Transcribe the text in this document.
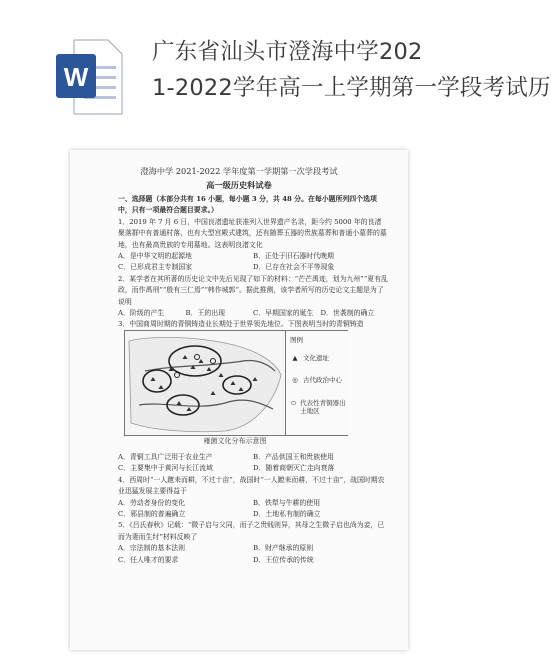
W
广东省汕头市澄海中学202
1-2022学年高一上学期第一学段考试历
澄海中学 2021-2022 学年度第一学期第一次学段考试
高一级历史科试卷

一、选择题（本部分共有 16 小题，每小题 3 分，共 48 分。在每小题所列四个选项中，只有一项最符合题目要求。）

1．2019 年 7 月 6 日，中国良渚遗址获准列入世界遗产名录，距今约 5000 年的良渚聚落群中有普通村落、也有大型宫殿式建筑，还有随葬玉器的贵族墓葬和普通小墓葬的墓地，也有最高贵族的专用墓地。这表明良渚文化

A．是中华文明的起源地	B．正处于旧石器时代晚期
C．已形成君主专制国家	D．已存在社会不平等现象

2．某学者在其所著的历史论文中先后见现了如下的材料：“芒芒禹迹，划为九州”“夏有乱政，而作禹刑”“殷有三仁焉”“帏作城郭”。据此推测，该学者所写的历史论文主题是为了说明

A．阶级的产生	B．王的出现	C．早期国家的诞生	D．世袭制的确立

3．中国商周时期的青铜铸造业长期处于世界领先地位。下图表明当时的青铜铸造

图例
▲ 文化遗址
◎ 古代政治中心
⬭ 代表性青铜器出土地区
雍菌文化分布示意图
A．青铜工具广泛用于农业生产	B．产品供国王和贵族使用
C．主要集中于黄河与长江流域	D．随着商朝灭亡走向衰落

4．西周时“一人蹠耒而耕，不过十亩”，战国时“一人蹠耒而耕，不过十亩”，战国时期农业迅猛发展主要得益于

A．劳动者身份的变化	B．铁犁与牛耕的使用
C．邪县制的普遍确立	D．土地私有制的确立

5．《吕氏春秋》记载：“微子启与父同，而子之贵贱则异，其母之生微子启也尚为妾，已而为妻而生纣”材料反映了

A．宗法制的基本法则	B．财产继承的原则
C．任人唯才的要求	D．王位传承的传统
